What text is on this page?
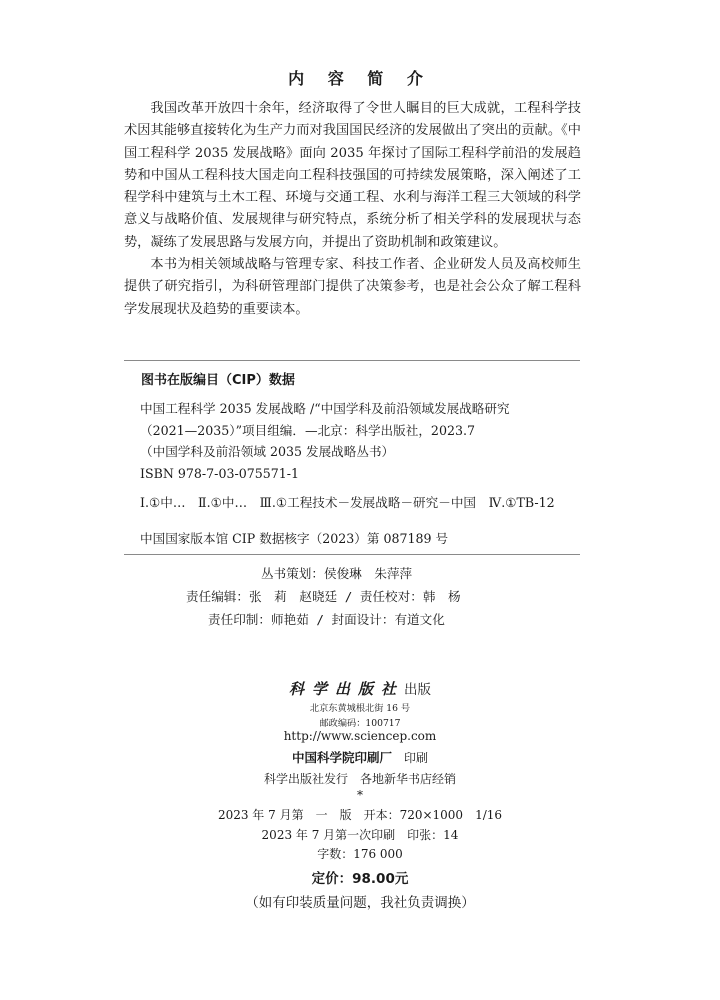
内 容 简 介

我国改革开放四十余年，经济取得了令世人瞩目的巨大成就，工程科学技术因其能够直接转化为生产力而对我国国民经济的发展做出了突出的贡献。《中国工程科学 2035 发展战略》面向 2035 年探讨了国际工程科学前沿的发展趋势和中国从工程科技大国走向工程科技强国的可持续发展策略，深入阐述了工程学科中建筑与土木工程、环境与交通工程、水利与海洋工程三大领域的科学意义与战略价值、发展规律与研究特点，系统分析了相关学科的发展现状与态势，凝练了发展思路与发展方向，并提出了资助机制和政策建议。

本书为相关领域战略与管理专家、科技工作者、企业研发人员及高校师生提供了研究指引，为科研管理部门提供了决策参考，也是社会公众了解工程科学发展现状及趋势的重要读本。

图书在版编目（CIP）数据
中国工程科学 2035 发展战略 /“中国学科及前沿领域发展战略研究
（2021—2035）”项目组编．—北京：科学出版社，2023.7
（中国学科及前沿领域 2035 发展战略丛书）
ISBN 978-7-03-075571-1
Ⅰ.①中…　Ⅱ.①中…　Ⅲ.①工程技术－发展战略－研究－中国　Ⅳ.①TB-12
中国国家版本馆 CIP 数据核字（2023）第 087189 号
丛书策划：侯俊琳　朱萍萍
责任编辑：张　莉　赵晓廷 / 责任校对：韩　杨
责任印制：师艳茹 / 封面设计：有道文化
科学出版社出版
北京东黄城根北街 16 号
邮政编码：100717
http://www.sciencep.com
中国科学院印刷厂  印刷
科学出版社发行　各地新华书店经销
*
2023 年 7 月第　一　版　开本：720×1000　1/16
2023 年 7 月第一次印刷　印张：14
字数：176 000
定价：98.00元
（如有印装质量问题，我社负责调换）
